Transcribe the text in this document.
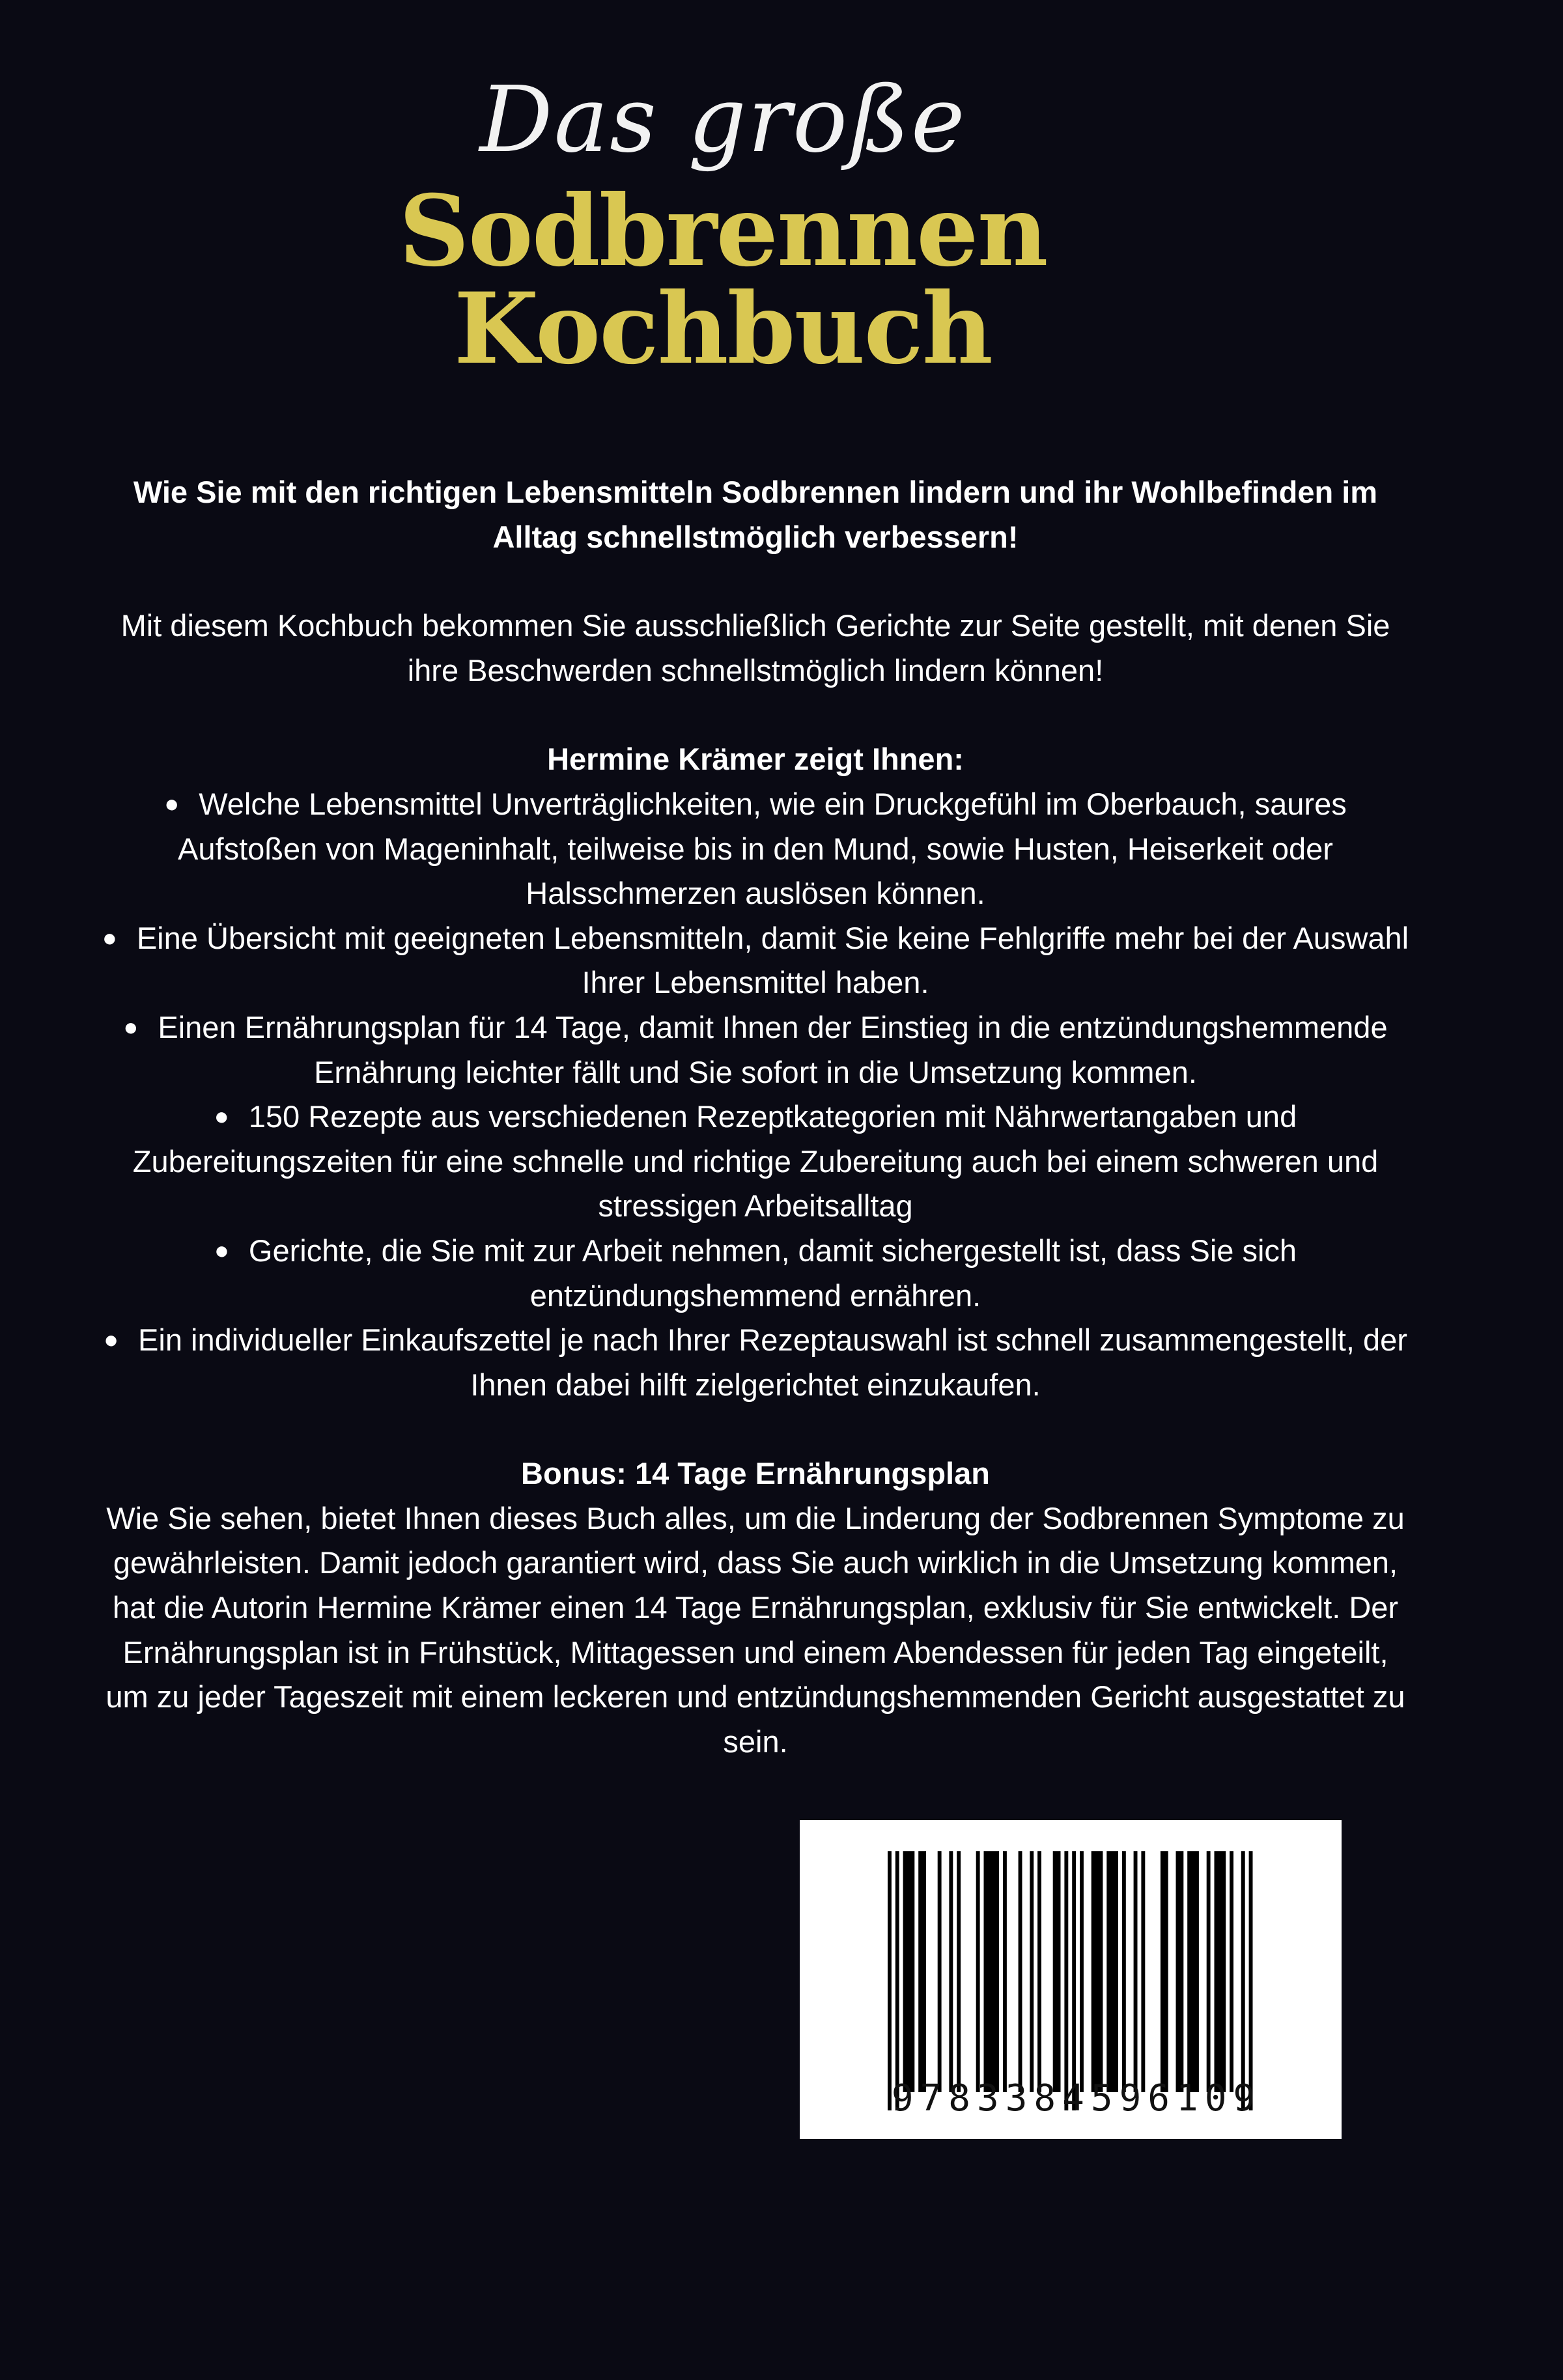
Das große
Sodbrennen
Kochbuch

Wie Sie mit den richtigen Lebensmitteln Sodbrennen lindern und ihr Wohlbefinden im Alltag schnellstmöglich verbessern!

Mit diesem Kochbuch bekommen Sie ausschließlich Gerichte zur Seite gestellt, mit denen Sie ihre Beschwerden schnellstmöglich lindern können!

Hermine Krämer zeigt Ihnen:

● Welche Lebensmittel Unverträglichkeiten, wie ein Druckgefühl im Oberbauch, saures Aufstoßen von Mageninhalt, teilweise bis in den Mund, sowie Husten, Heiserkeit oder Halsschmerzen auslösen können.
● Eine Übersicht mit geeigneten Lebensmitteln, damit Sie keine Fehlgriffe mehr bei der Auswahl Ihrer Lebensmittel haben.
● Einen Ernährungsplan für 14 Tage, damit Ihnen der Einstieg in die entzündungshemmende Ernährung leichter fällt und Sie sofort in die Umsetzung kommen.
● 150 Rezepte aus verschiedenen Rezeptkategorien mit Nährwertangaben und Zubereitungszeiten für eine schnelle und richtige Zubereitung auch bei einem schweren und stressigen Arbeitsalltag
● Gerichte, die Sie mit zur Arbeit nehmen, damit sichergestellt ist, dass Sie sich entzündungshemmend ernähren.
● Ein individueller Einkaufszettel je nach Ihrer Rezeptauswahl ist schnell zusammengestellt, der Ihnen dabei hilft zielgerichtet einzukaufen.

Bonus: 14 Tage Ernährungsplan

Wie Sie sehen, bietet Ihnen dieses Buch alles, um die Linderung der Sodbrennen Symptome zu gewährleisten. Damit jedoch garantiert wird, dass Sie auch wirklich in die Umsetzung kommen, hat die Autorin Hermine Krämer einen 14 Tage Ernährungsplan, exklusiv für Sie entwickelt. Der Ernährungsplan ist in Frühstück, Mittagessen und einem Abendessen für jeden Tag eingeteilt, um zu jeder Tageszeit mit einem leckeren und entzündungshemmenden Gericht ausgestattet zu sein.

9783384596109
